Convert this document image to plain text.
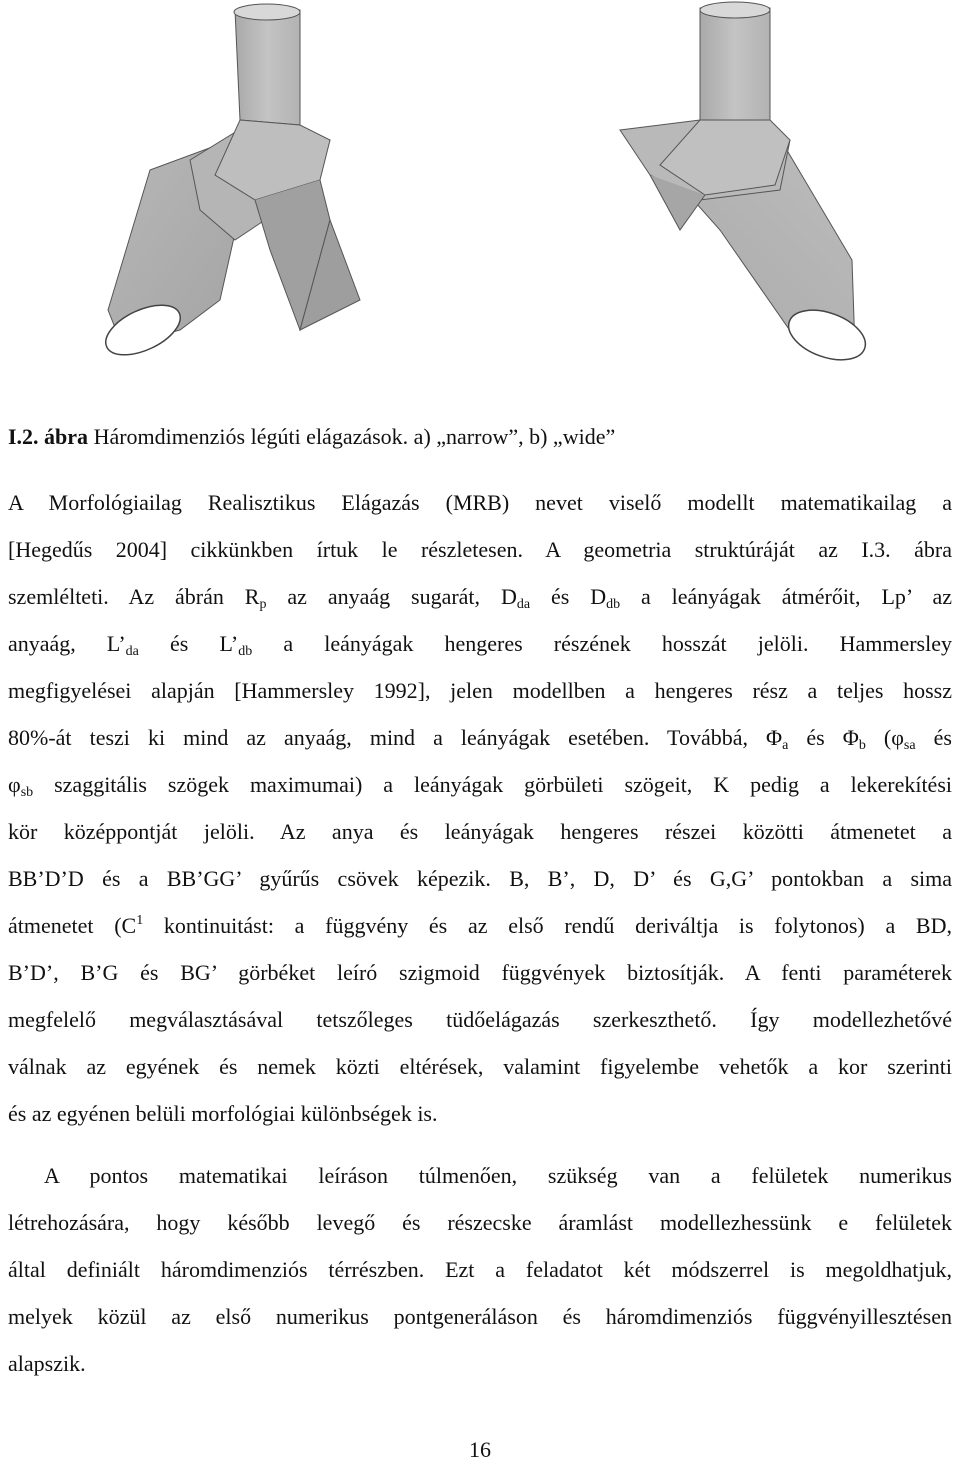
I.2. ábra Háromdimenziós légúti elágazások. a) „narrow”, b) „wide”
A Morfológiailag Realisztikus Elágazás (MRB) nevet viselő modellt matematikailag a
[Hegedűs 2004] cikkünkben írtuk le részletesen. A geometria struktúráját az I.3. ábra
szemlélteti. Az ábrán $R_p$ az anyaág sugarát, $D_{da}$ és $D_{db}$ a leányágak átmérőit, Lp’ az
anyaág, $L’_{da}$ és $L’_{db}$ a leányágak hengeres részének hosszát jelöli. Hammersley
megfigyelései alapján [Hammersley 1992], jelen modellben a hengeres rész a teljes hossz
80%-át teszi ki mind az anyaág, mind a leányágak esetében. Továbbá, $\Phi_a$ és $\Phi_b$ ($\varphi_{sa}$ és
$\varphi_{sb}$ szaggitális szögek maximumai) a leányágak görbületi szögeit, K pedig a lekerekítési
kör középpontját jelöli. Az anya és leányágak hengeres részei közötti átmenetet a
BB’D’D és a BB’GG’ gyűrűs csövek képezik. B, B’, D, D’ és G,G’ pontokban a sima
átmenetet ($C^1$ kontinuitást: a függvény és az első rendű deriváltja is folytonos) a BD,
B’D’, B’G és BG’ görbéket leíró szigmoid függvények biztosítják. A fenti paraméterek
megfelelő megválasztásával tetszőleges tüdőelágazás szerkeszthető. Így modellezhetővé
válnak az egyének és nemek közti eltérések, valamint figyelembe vehetők a kor szerinti
és az egyénen belüli morfológiai különbségek is.
A pontos matematikai leíráson túlmenően, szükség van a felületek numerikus
létrehozására, hogy később levegő és részecske áramlást modellezhessünk e felületek
által definiált háromdimenziós térrészben. Ezt a feladatot két módszerrel is megoldhatjuk,
melyek közül az első numerikus pontgeneráláson és háromdimenziós függvényillesztésen
alapszik.
16
